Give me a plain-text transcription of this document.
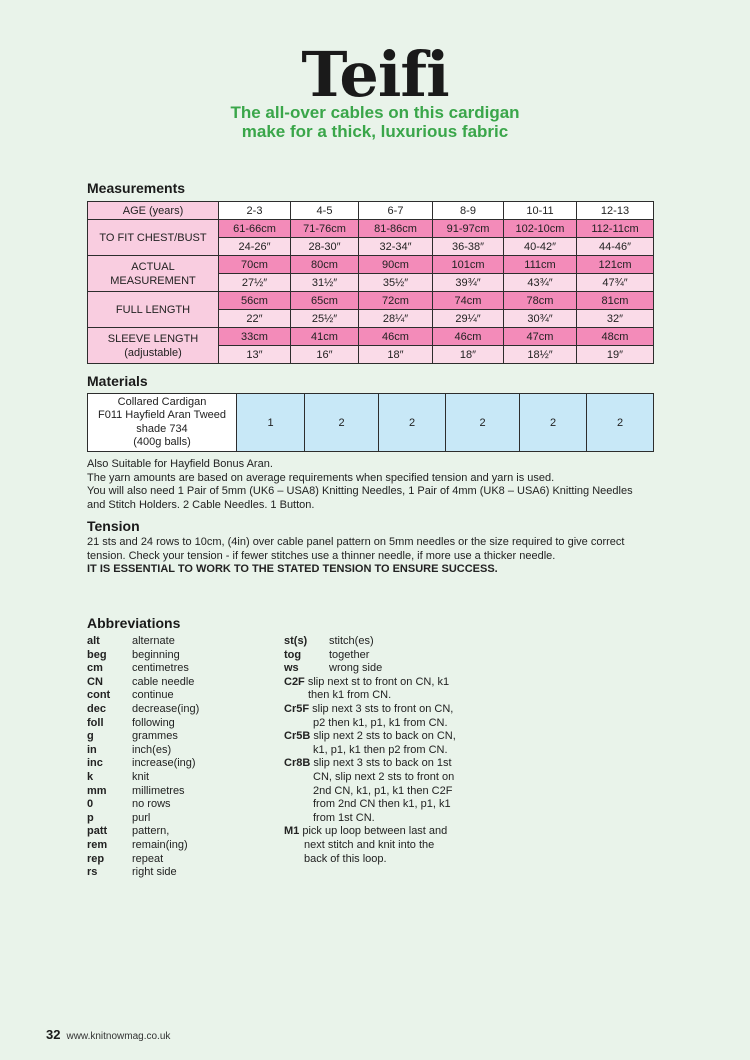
Teifi
The all-over cables on this cardigan
make for a thick, luxurious fabric
Measurements
AGE (years)	2-3	4-5	6-7	8-9	10-11	12-13
TO FIT CHEST/BUST	61-66cm	71-76cm	81-86cm	91-97cm	102-10cm	112-11cm
	24-26″	28-30″	32-34″	36-38″	40-42″	44-46″

ACTUAL
MEASUREMENT	70cm	80cm	90cm	101cm	111cm	121cm
	27½″	31½″	35½″	39¾″	43¾″	47¾″
FULL LENGTH	56cm	65cm	72cm	74cm	78cm	81cm
	22″	25½″	28¼″	29¼″	30¾″	32″

SLEEVE LENGTH
(adjustable)	33cm	41cm	46cm	46cm	47cm	48cm
	13″	16″	18″	18″	18½″	19″
Materials
Collared Cardigan
F011 Hayfield Aran Tweed
shade 734
(400g balls)
	1	2	2	2	2	2
Also Suitable for Hayfield Bonus Aran.
The yarn amounts are based on average requirements when specified tension and yarn is used.
You will also need 1 Pair of 5mm (UK6 – USA8) Knitting Needles, 1 Pair of 4mm (UK8 – USA6) Knitting Needles
and Stitch Holders. 2 Cable Needles. 1 Button.
Tension
21 sts and 24 rows to 10cm, (4in) over cable panel pattern on 5mm needles or the size required to give correct
tension. Check your tension - if fewer stitches use a thinner needle, if more use a thicker needle.
IT IS ESSENTIAL TO WORK TO THE STATED TENSION TO ENSURE SUCCESS.
Abbreviations
alt	alternate
beg	beginning
cm	centimetres
CN	cable needle
cont	continue
dec	decrease(ing)
foll	following
g	grammes
in	inch(es)
inc	increase(ing)
k	knit
mm	millimetres
0	no rows
p	purl
patt	pattern,
rem	remain(ing)
rep	repeat
rs	right side
st(s)	stitch(es)
tog	together
ws	wrong side
C2F slip next st to front on CN, k1
then k1 from CN.
Cr5F slip next 3 sts to front on CN,
p2 then k1, p1, k1 from CN.
Cr5B slip next 2 sts to back on CN,
k1, p1, k1 then p2 from CN.
Cr8B slip next 3 sts to back on 1st
CN, slip next 2 sts to front on
2nd CN, k1, p1, k1 then C2F
from 2nd CN then k1, p1, k1
from 1st CN.
M1 pick up loop between last and
next stitch and knit into the
back of this loop.
32 www.knitnowmag.co.uk
